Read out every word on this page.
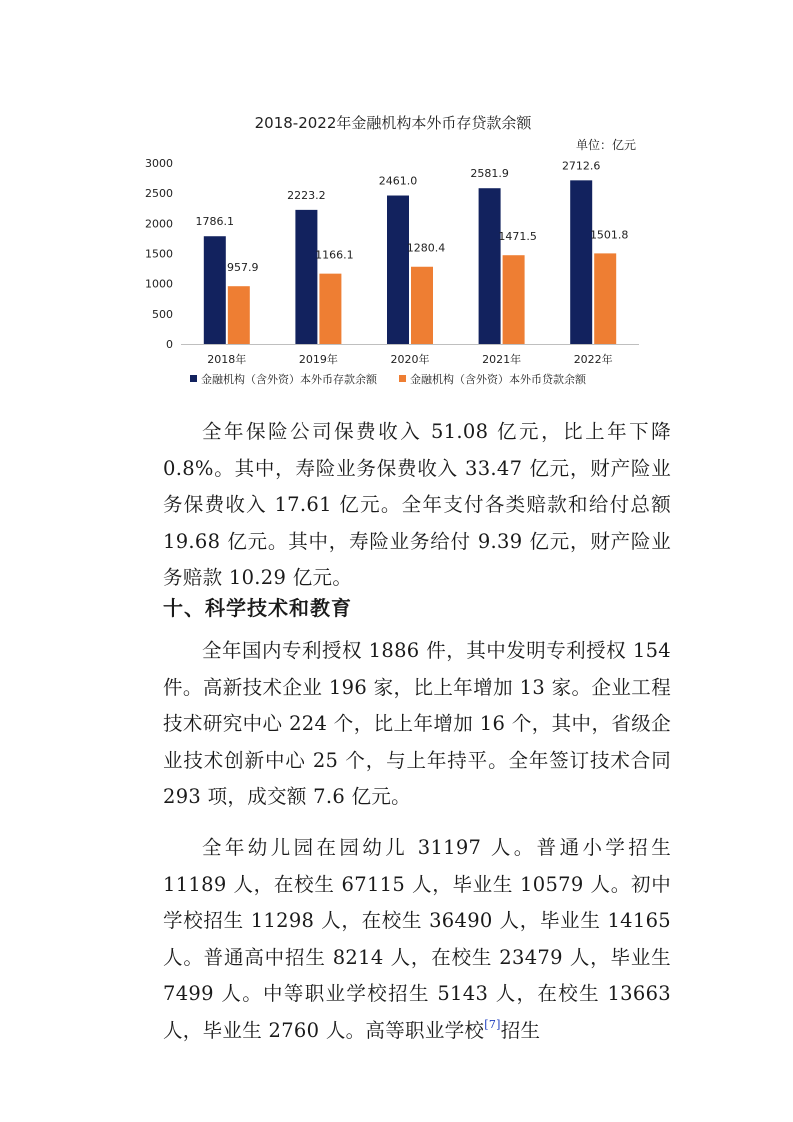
2018-2022年金融机构本外币存贷款余额
单位：亿元
0
500
1000
1500
2000
2500
3000
2018年	2019年	2020年	2021年	2022年
1786.1
957.9
2223.2
1166.1
2461.0
1280.4
2581.9
1471.5
2712.6
1501.8
金融机构（含外资）本外币存款余额	金融机构（含外资）本外币贷款余额

全年保险公司保费收入 51.08 亿元，比上年下降 0.8%。其中，寿险业务保费收入 33.47 亿元，财产险业务保费收入 17.61 亿元。全年支付各类赔款和给付总额 19.68 亿元。其中，寿险业务给付 9.39 亿元，财产险业务赔款 10.29 亿元。

十、科学技术和教育

全年国内专利授权 1886 件，其中发明专利授权 154 件。高新技术企业 196 家，比上年增加 13 家。企业工程技术研究中心 224 个，比上年增加 16 个，其中，省级企业技术创新中心 25 个，与上年持平。全年签订技术合同 293 项，成交额 7.6 亿元。

全年幼儿园在园幼儿 31197 人。普通小学招生 11189 人，在校生 67115 人，毕业生 10579 人。初中学校招生 11298 人，在校生 36490 人，毕业生 14165 人。普通高中招生 8214 人，在校生 23479 人，毕业生 7499 人。中等职业学校招生 5143 人，在校生 13663 人，毕业生 2760 人。高等职业学校[7]招生
